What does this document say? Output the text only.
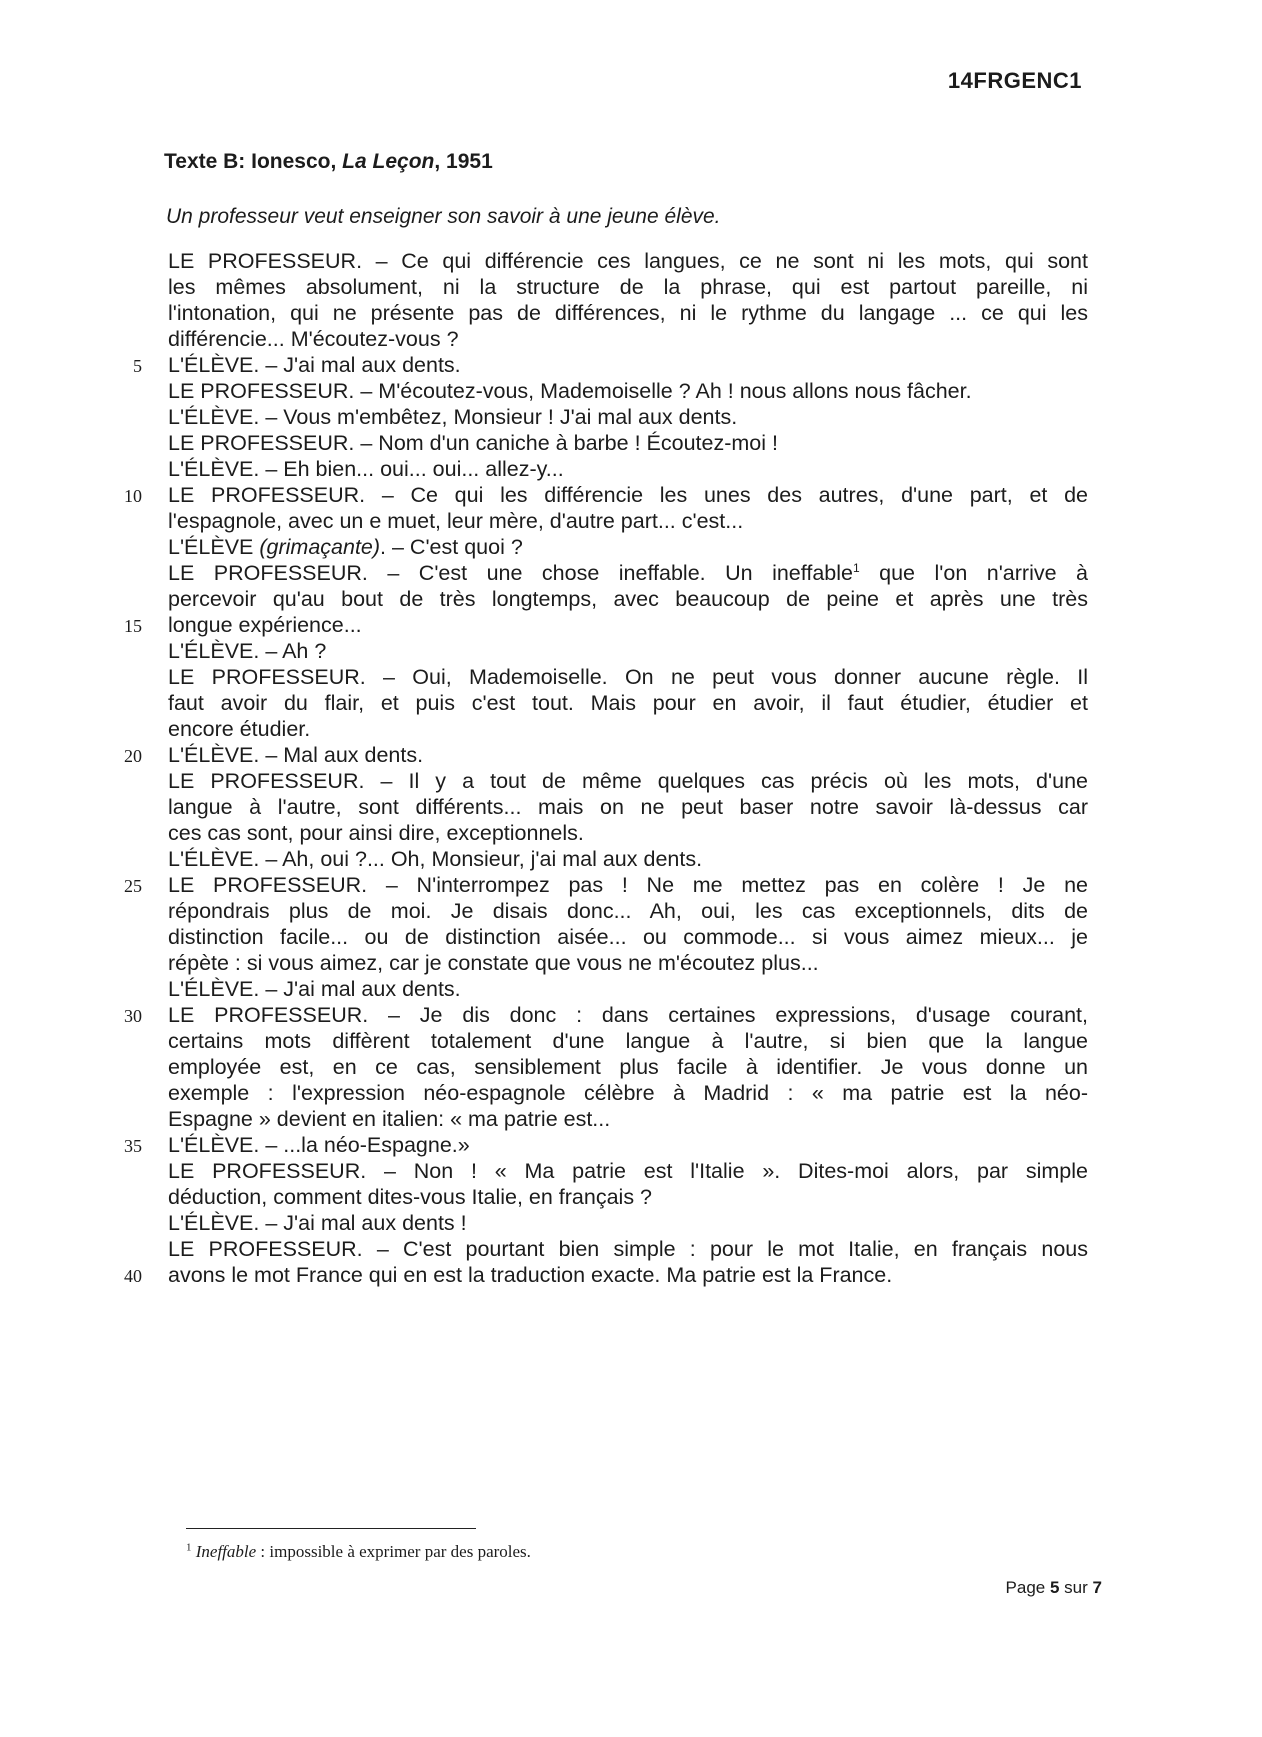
14FRGENC1
Texte B: Ionesco, La Leçon, 1951
Un professeur veut enseigner son savoir à une jeune élève.
LE PROFESSEUR. – Ce qui différencie ces langues, ce ne sont ni les mots, qui sont
les mêmes absolument, ni la structure de la phrase, qui est partout pareille, ni
l'intonation, qui ne présente pas de différences, ni le rythme du langage ... ce qui les
différencie... M'écoutez-vous ?
L'ÉLÈVE. – J'ai mal aux dents.
LE PROFESSEUR. – M'écoutez-vous, Mademoiselle ? Ah ! nous allons nous fâcher.
L'ÉLÈVE. – Vous m'embêtez, Monsieur ! J'ai mal aux dents.
LE PROFESSEUR. – Nom d'un caniche à barbe ! Écoutez-moi !
L'ÉLÈVE. – Eh bien... oui... oui... allez-y...
LE PROFESSEUR. – Ce qui les différencie les unes des autres, d'une part, et de
l'espagnole, avec un e muet, leur mère, d'autre part... c'est...
L'ÉLÈVE (grimaçante). – C'est quoi ?
LE PROFESSEUR. – C'est une chose ineffable. Un ineffable$^1$ que l'on n'arrive à
percevoir qu'au bout de très longtemps, avec beaucoup de peine et après une très
longue expérience...
L'ÉLÈVE. – Ah ?
LE PROFESSEUR. – Oui, Mademoiselle. On ne peut vous donner aucune règle. Il
faut avoir du flair, et puis c'est tout. Mais pour en avoir, il faut étudier, étudier et
encore étudier.
L'ÉLÈVE. – Mal aux dents.
LE PROFESSEUR. – Il y a tout de même quelques cas précis où les mots, d'une
langue à l'autre, sont différents... mais on ne peut baser notre savoir là-dessus car
ces cas sont, pour ainsi dire, exceptionnels.
L'ÉLÈVE. – Ah, oui ?... Oh, Monsieur, j'ai mal aux dents.
LE PROFESSEUR. – N'interrompez pas ! Ne me mettez pas en colère ! Je ne
répondrais plus de moi. Je disais donc... Ah, oui, les cas exceptionnels, dits de
distinction facile... ou de distinction aisée... ou commode... si vous aimez mieux... je
répète : si vous aimez, car je constate que vous ne m'écoutez plus...
L'ÉLÈVE. – J'ai mal aux dents.
LE PROFESSEUR. – Je dis donc : dans certaines expressions, d'usage courant,
certains mots diffèrent totalement d'une langue à l'autre, si bien que la langue
employée est, en ce cas, sensiblement plus facile à identifier. Je vous donne un
exemple : l'expression néo-espagnole célèbre à Madrid : « ma patrie est la néo-
Espagne » devient en italien: « ma patrie est...
L'ÉLÈVE. – ...la néo-Espagne.»
LE PROFESSEUR. – Non ! « Ma patrie est l'Italie ». Dites-moi alors, par simple
déduction, comment dites-vous Italie, en français ?
L'ÉLÈVE. – J'ai mal aux dents !
LE PROFESSEUR. – C'est pourtant bien simple : pour le mot Italie, en français nous
avons le mot France qui en est la traduction exacte. Ma patrie est la France.
5
10
15
20
25
30
35
40
$^1$ Ineffable : impossible à exprimer par des paroles.
Page 5 sur 7
